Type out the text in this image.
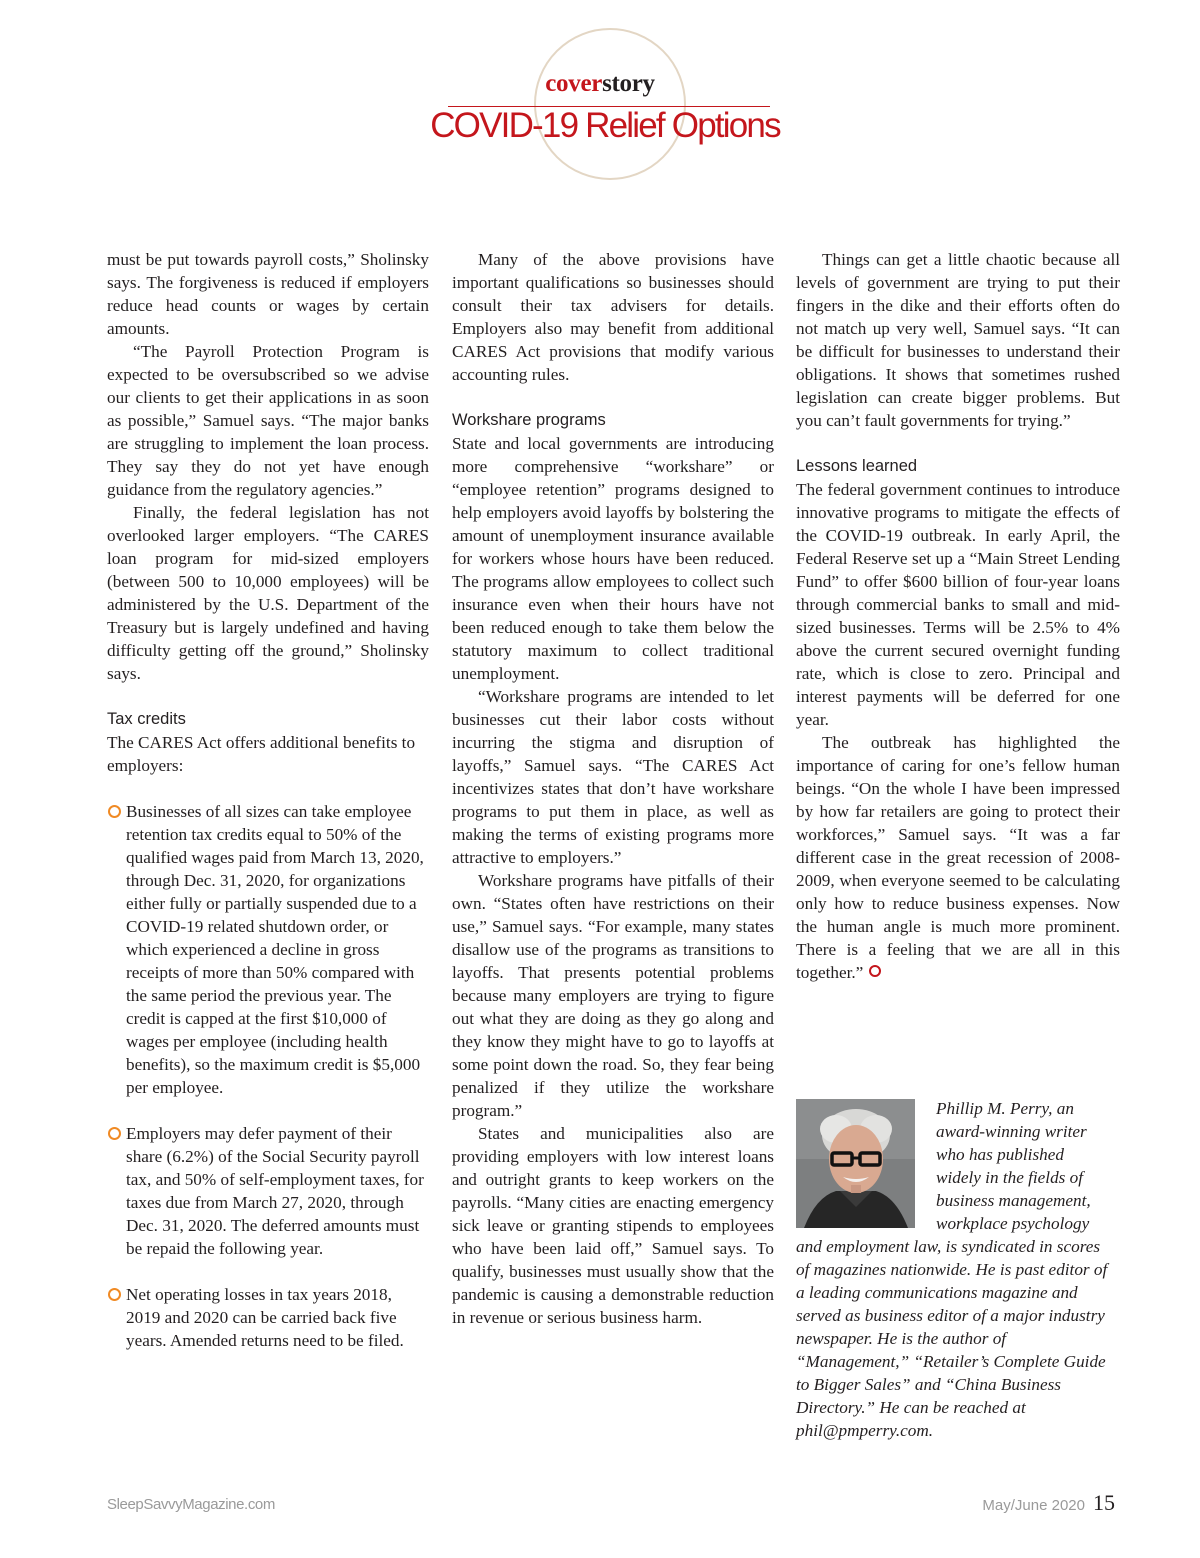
coverstory
COVID-19 Relief Options

must be put towards payroll costs,” Sholinsky says. The forgiveness is reduced if employers reduce head counts or wages by certain amounts.

“The Payroll Protection Program is expected to be oversubscribed so we advise our clients to get their applications in as soon as possible,” Samuel says. “The major banks are struggling to implement the loan process. They say they do not yet have enough guidance from the regulatory agencies.”

Finally, the federal legislation has not overlooked larger employers. “The CARES loan program for mid-sized employers (between 500 to 10,000 employees) will be administered by the U.S. Department of the Treasury but is largely undefined and having difficulty getting off the ground,” Sholinsky says.

Tax credits

The CARES Act offers additional benefits to employers:

Businesses of all sizes can take employee retention tax credits equal to 50% of the qualified wages paid from March 13, 2020, through Dec. 31, 2020, for organizations either fully or partially suspended due to a COVID-19 related shutdown order, or which experienced a decline in gross receipts of more than 50% compared with the same period the previous year. The credit is capped at the first $10,000 of wages per employee (including health benefits), so the maximum credit is $5,000 per employee.
Employers may defer payment of their share (6.2%) of the Social Security payroll tax, and 50% of self-employment taxes, for taxes due from March 27, 2020, through Dec. 31, 2020. The deferred amounts must be repaid the following year.
Net operating losses in tax years 2018, 2019 and 2020 can be carried back five years. Amended returns need to be filed.

Many of the above provisions have important qualifications so businesses should consult their tax advisers for details. Employers also may benefit from additional CARES Act provisions that modify various accounting rules.

Workshare programs

State and local governments are introducing more comprehensive “workshare” or “employee retention” programs designed to help employers avoid layoffs by bolstering the amount of unemployment insurance available for workers whose hours have been reduced. The programs allow employees to collect such insurance even when their hours have not been reduced enough to take them below the statutory maximum to collect traditional unemployment.

“Workshare programs are intended to let businesses cut their labor costs without incurring the stigma and disruption of layoffs,” Samuel says. “The CARES Act incentivizes states that don’t have workshare programs to put them in place, as well as making the terms of existing programs more attractive to employers.”

Workshare programs have pitfalls of their own. “States often have restrictions on their use,” Samuel says. “For example, many states disallow use of the programs as transitions to layoffs. That presents potential problems because many employers are trying to figure out what they are doing as they go along and they know they might have to go to layoffs at some point down the road. So, they fear being penalized if they utilize the workshare program.”

States and municipalities also are providing employers with low interest loans and outright grants to keep workers on the payrolls. “Many cities are enacting emergency sick leave or granting stipends to employees who have been laid off,” Samuel says. To qualify, businesses must usually show that the pandemic is causing a demonstrable reduction in revenue or serious business harm.

Things can get a little chaotic because all levels of government are trying to put their fingers in the dike and their efforts often do not match up very well, Samuel says. “It can be difficult for businesses to understand their obligations. It shows that sometimes rushed legislation can create bigger problems. But you can’t fault governments for trying.”

Lessons learned

The federal government continues to introduce innovative programs to mitigate the effects of the COVID-19 outbreak. In early April, the Federal Reserve set up a “Main Street Lending Fund” to offer $600 billion of four-year loans through commercial banks to small and mid-sized businesses. Terms will be 2.5% to 4% above the current secured overnight funding rate, which is close to zero. Principal and interest payments will be deferred for one year.

The outbreak has highlighted the importance of caring for one’s fellow human beings. “On the whole I have been impressed by how far retailers are going to protect their workforces,” Samuel says. “It was a far different case in the great recession of 2008-2009, when everyone seemed to be calculating only how to reduce business expenses. Now the human angle is much more prominent. There is a feeling that we are all in this together.”

Phillip M. Perry, an award-winning writer who has published widely in the fields of business management, workplace psychology and employment law, is syndicated in scores of magazines nationwide. He is past editor of a leading communications magazine and served as business editor of a major industry newspaper. He is the author of “Management,” “Retailer’s Complete Guide to Bigger Sales” and “China Business Directory.” He can be reached at phil@pmperry.com.

SleepSavvyMagazine.com	May/June 2020 15
